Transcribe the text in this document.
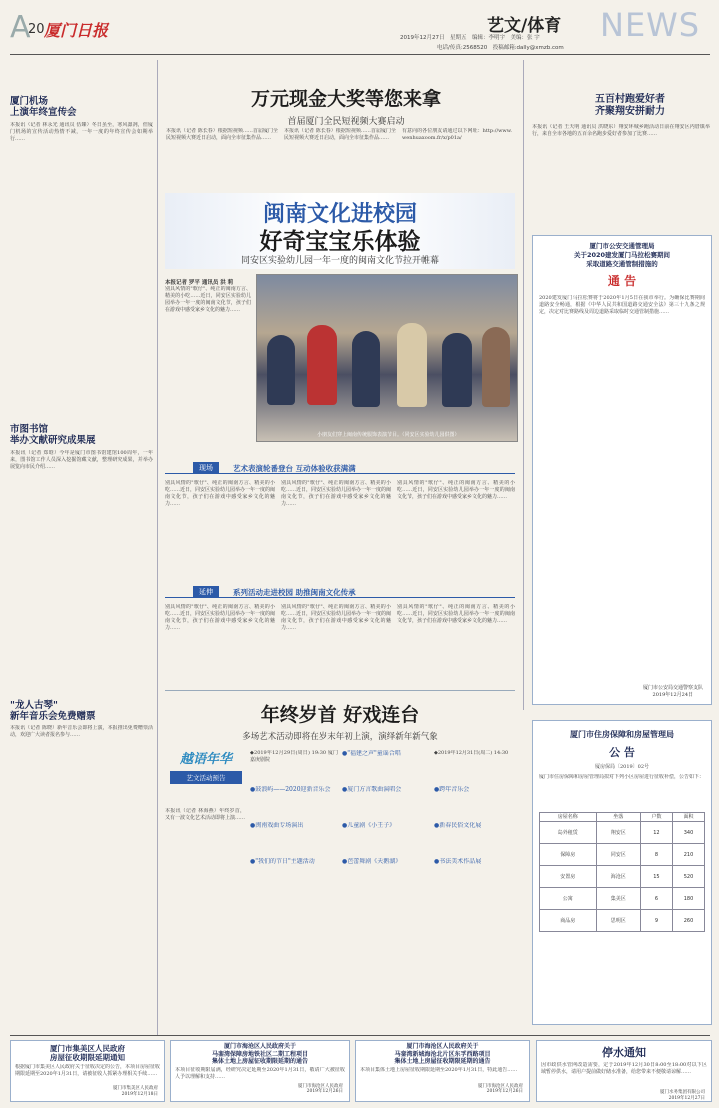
A
20 厦门日报	艺文/体育 NEWS
2019年12月27日　星期五　编辑：李明宇　美编：张 宇
电话/传真:2568520　投稿邮箱:dally@xmzb.com
万元现金大奖等您来拿
首届厦门全民短视频大赛启动
本报讯（记者 陈长春）根据短视频……首届厦门全民短视频大赛近日启动，面向全市征集作品……
本报讯（记者 陈长春）根据短视频……首届厦门全民短视频大赛近日启动，面向全市征集作品……
有意向的各位朋友请通过以下网址：http://www.wenhuaxoom.fr/x/p01a/
厦门机场
上演年终宣传会
本报讯（记者 林永光 通讯员 伍臻）冬日虽至，寒风凛冽，但厦门机场的宣传活动热情不减，一年一度的年终宣传会如期举行……
市图书馆
举办文献研究成果展
本报讯（记者 郑晗）今年是厦门市图书馆建馆100周年，一年来，图书馆工作人员深入挖掘馆藏文献，整理研究成果，并举办展览向市民介绍……
"龙人古琴"
新年音乐会免费赠票
本报讯（记者 陈晓）新年音乐会即将上演，本报推出免费赠票活动，欢迎广大读者报名参与……
闽南文化进校园
好奇宝宝乐体验
同安区实验幼儿园一年一度的闽南文化节拉开帷幕
本报记者 罗平 通讯员 洪 莉
别具风情的"歌仔"、纯正的闽南方言、精美的小吃……近日，同安区实验幼儿园举办一年一度的闽南文化节，孩子们在游戏中感受家乡文化的魅力……
小朋友们穿上闽南传统服饰表演节目。（同安区实验幼儿园供图）
现场	艺术表演轮番登台 互动体验收获满满
别具风情的"歌仔"、纯正的闽南方言、精美的小吃……近日，同安区实验幼儿园举办一年一度的闽南文化节，孩子们在游戏中感受家乡文化的魅力……
别具风情的"歌仔"、纯正的闽南方言、精美的小吃……近日，同安区实验幼儿园举办一年一度的闽南文化节，孩子们在游戏中感受家乡文化的魅力……
别具风情的"歌仔"、纯正的闽南方言、精美的小吃……近日，同安区实验幼儿园举办一年一度的闽南文化节，孩子们在游戏中感受家乡文化的魅力……
延伸	系列活动走进校园 助推闽南文化传承
别具风情的"歌仔"、纯正的闽南方言、精美的小吃……近日，同安区实验幼儿园举办一年一度的闽南文化节，孩子们在游戏中感受家乡文化的魅力……
别具风情的"歌仔"、纯正的闽南方言、精美的小吃……近日，同安区实验幼儿园举办一年一度的闽南文化节，孩子们在游戏中感受家乡文化的魅力……
别具风情的"歌仔"、纯正的闽南方言、精美的小吃……近日，同安区实验幼儿园举办一年一度的闽南文化节，孩子们在游戏中感受家乡文化的魅力……
五百村跑爱好者
齐聚翔安拼耐力
本报讯（记者 王天明 通讯员 洪晓东）翔安环城乡跑活动日前在翔安区内厝镇举行，来自全市各地的五百余名跑步爱好者参加了比赛……
厦门市公安交通管理局
关于2020建发厦门马拉松赛期间
采取道路交通管制措施的
通 告
2020建发厦门马拉松赛将于2020年1月5日在我市举行。为确保比赛期间道路安全畅通，根据《中华人民共和国道路交通安全法》第三十九条之规定，决定对比赛路线及周边道路采取临时交通管制措施……
厦门市公安局交通警察支队
2019年12月24日
年终岁首 好戏连台
多场艺术活动即将在岁末年初上演，演绎新年新气象
越语年华
艺文活动预告
本报讯（记者 林海燕）年终岁首，又有一波文化艺术活动即将上演……
◆2019年12月29日(周日) 19:30 厦门嘉庚剧院
●鼓浪屿——2020迎新音乐会
●闽南戏曲专场演出
●"我们的节日"主题活动
●"福建之声"童谣合唱
●厦门方言歌曲演唱会
●儿童剧《小王子》
●芭蕾舞剧《天鹅湖》
◆2019年12月31日(周二) 14:30
●跨年音乐会
●新春民俗文化展
●书法美术作品展
厦门市住房保障和房屋管理局
公 告
厦房保局〔2019〕02号
厦门市住房保障和房屋管理局拟对下列小区房屋进行征收补偿，公告如下：
房屋名称	坐落	户数	面积
岛外租赁	翔安区	12	340
保障房	同安区	8	210
安置房	海沧区	15	520
公寓	集美区	6	180
商品房	思明区	9	260
厦门市集美区人民政府
房屋征收期限延期通知
根据厦门市集美区人民政府关于征收决定的公告，本项目房屋征收期限延期至2020年1月31日，请被征收人抓紧办理相关手续……
厦门市集美区人民政府
2019年12月18日
厦门市海沧区人民政府关于
马銮湾保障房地铁社区二期工程项目
集体土地上房屋征收期限延期的通告
本项目征收期限届满，经研究决定延期至2020年1月31日，敬请广大被征收人予以理解和支持……
厦门市海沧区人民政府
2019年12月26日
厦门市海沧区人民政府关于
马銮湾新城海沧北片区东孚西路项目
集体土地上房屋征收期限延期的通告
本项目集体土地上房屋征收期限延期至2020年1月31日，特此通告……
厦门市海沧区人民政府
2019年12月26日
停水通知
因市政供水管网改造需要，定于2019年12月30日8:00至18:00对以下区域暂停供水，请用户提前做好储水准备，给您带来不便敬请谅解……
厦门水务集团有限公司
2019年12月27日
